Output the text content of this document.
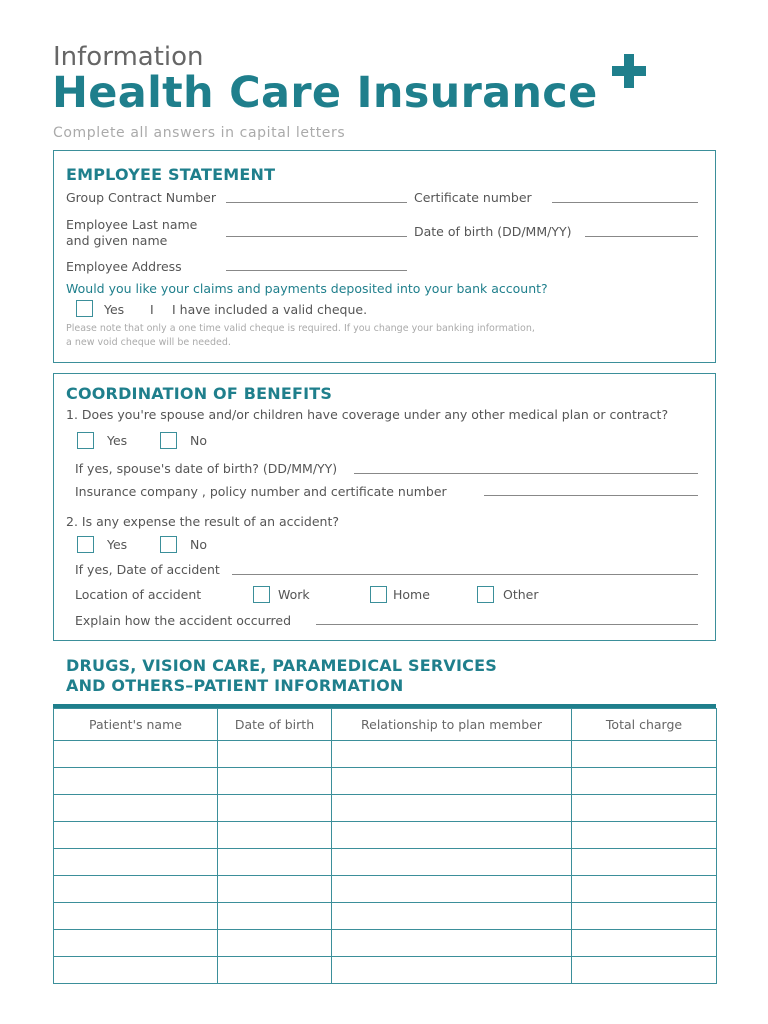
Information
Health Care Insurance
Complete all answers in capital letters
EMPLOYEE STATEMENT
Group Contract Number	Certificate number
Employee Last name
and given name
Date of birth (DD/MM/YY)
Employee Address
Would you like your claims and payments deposited into your bank account?
Yes I I have included a valid cheque.
Please note that only a one time valid cheque is required. If you change your banking information,
a new void cheque will be needed.
COORDINATION OF BENEFITS
1. Does you're spouse and/or children have coverage under any other medical plan or contract?
Yes	No
If yes, spouse's date of birth? (DD/MM/YY)
Insurance company , policy number and certificate number
2. Is any expense the result of an accident?
Yes	No
If yes, Date of accident
Location of accident	Work	Home	Other
Explain how the accident occurred
DRUGS, VISION CARE, PARAMEDICAL SERVICES
AND OTHERS–PATIENT INFORMATION
Patient's name	Date of birth	Relationship to plan member	Total charge
